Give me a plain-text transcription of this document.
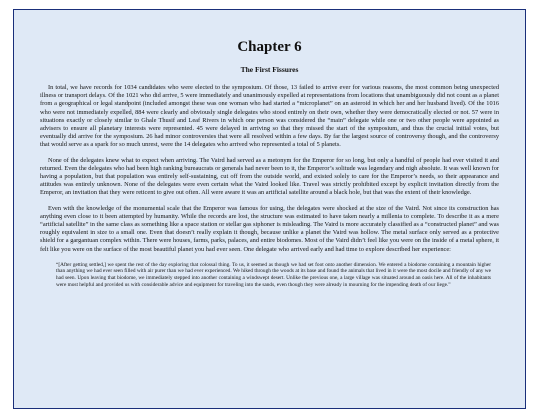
Chapter 6
The First Fissures

In total, we have records for 1034 candidates who were elected to the symposium. Of those, 13 failed to arrive ever for various reasons, the most common being unexpected illness or transport delays. Of the 1021 who did arrive, 5 were immediately and unanimously expelled at representations from locations that unambiguously did not count as a planet from a geographical or legal standpoint (included amongst these was one woman who had started a “microplanet” on an asteroid in which her and her husband lived). Of the 1016 who were not immediately expelled, 884 were clearly and obviously single delegates who stood entirely on their own, whether they were democratically elected or not. 57 were in situations exactly or closely similar to Ghale Thusif and Leaf Rivers in which one person was considered the “main” delegate while one or two other people were appointed as advisers to ensure all planetary interests were represented. 45 were delayed in arriving so that they missed the start of the symposium, and thus the crucial initial votes, but eventually did arrive for the symposium. 26 had minor controversies that were all resolved within a few days. By far the largest source of controversy though, and the controversy that would serve as a spark for so much unrest, were the 14 delegates who arrived who represented a total of 5 planets.

None of the delegates knew what to expect when arriving. The Vaird had served as a metonym for the Emperor for so long, but only a handful of people had ever visited it and returned. Even the delegates who had been high ranking bureaucrats or generals had never been to it, the Emperor’s solitude was legendary and nigh absolute. It was well known for having a population, but that population was entirely self-sustaining, cut off from the outside world, and existed solely to care for the Emperor’s needs, so their appearance and attitudes was entirely unknown. None of the delegates were even certain what the Vaird looked like. Travel was strictly prohibited except by explicit invitation directly from the Emperor, an invitation that they were reticent to give out often. All were aware it was an artificial satellite around a black hole, but that was the extent of their knowledge.

Even with the knowledge of the monumental scale that the Emperor was famous for using, the delegates were shocked at the size of the Vaird. Not since its construction has anything even close to it been attempted by humanity. While the records are lost, the structure was estimated to have taken nearly a millenia to complete. To describe it as a mere “artificial satellite” in the same class as something like a space station or stellar gas siphoner is misleading. The Vaird is more accurately classified as a “constructed planet” and was roughly equivalent in size to a small one. Even that doesn’t really explain it though, because unlike a planet the Vaird was hollow. The metal surface only served as a protective shield for a gargantuan complex within. There were houses, farms, parks, palaces, and entire biodomes. Most of the Vaird didn’t feel like you were on the inside of a metal sphere, it felt like you were on the surface of the most beautiful planet you had ever seen. One delegate who arrived early and had time to explore described her experience:

“[After getting settled,] we spent the rest of the day exploring that colossal thing. To us, it seemed as though we had set foot onto another dimension. We entered a biodome containing a mountain higher than anything we had ever seen filled with air purer than we had ever experienced. We hiked through the woods at its base and found the animals that lived in it were the most docile and friendly of any we had seen. Upon leaving that biodome, we immediately stepped into another containing a windswept desert. Unlike the previous one, a large village was situated around an oasis here. All of the inhabitants were most helpful and provided us with considerable advice and equipment for traveling into the sands, even though they were already in mourning for the impending death of our liege.”
